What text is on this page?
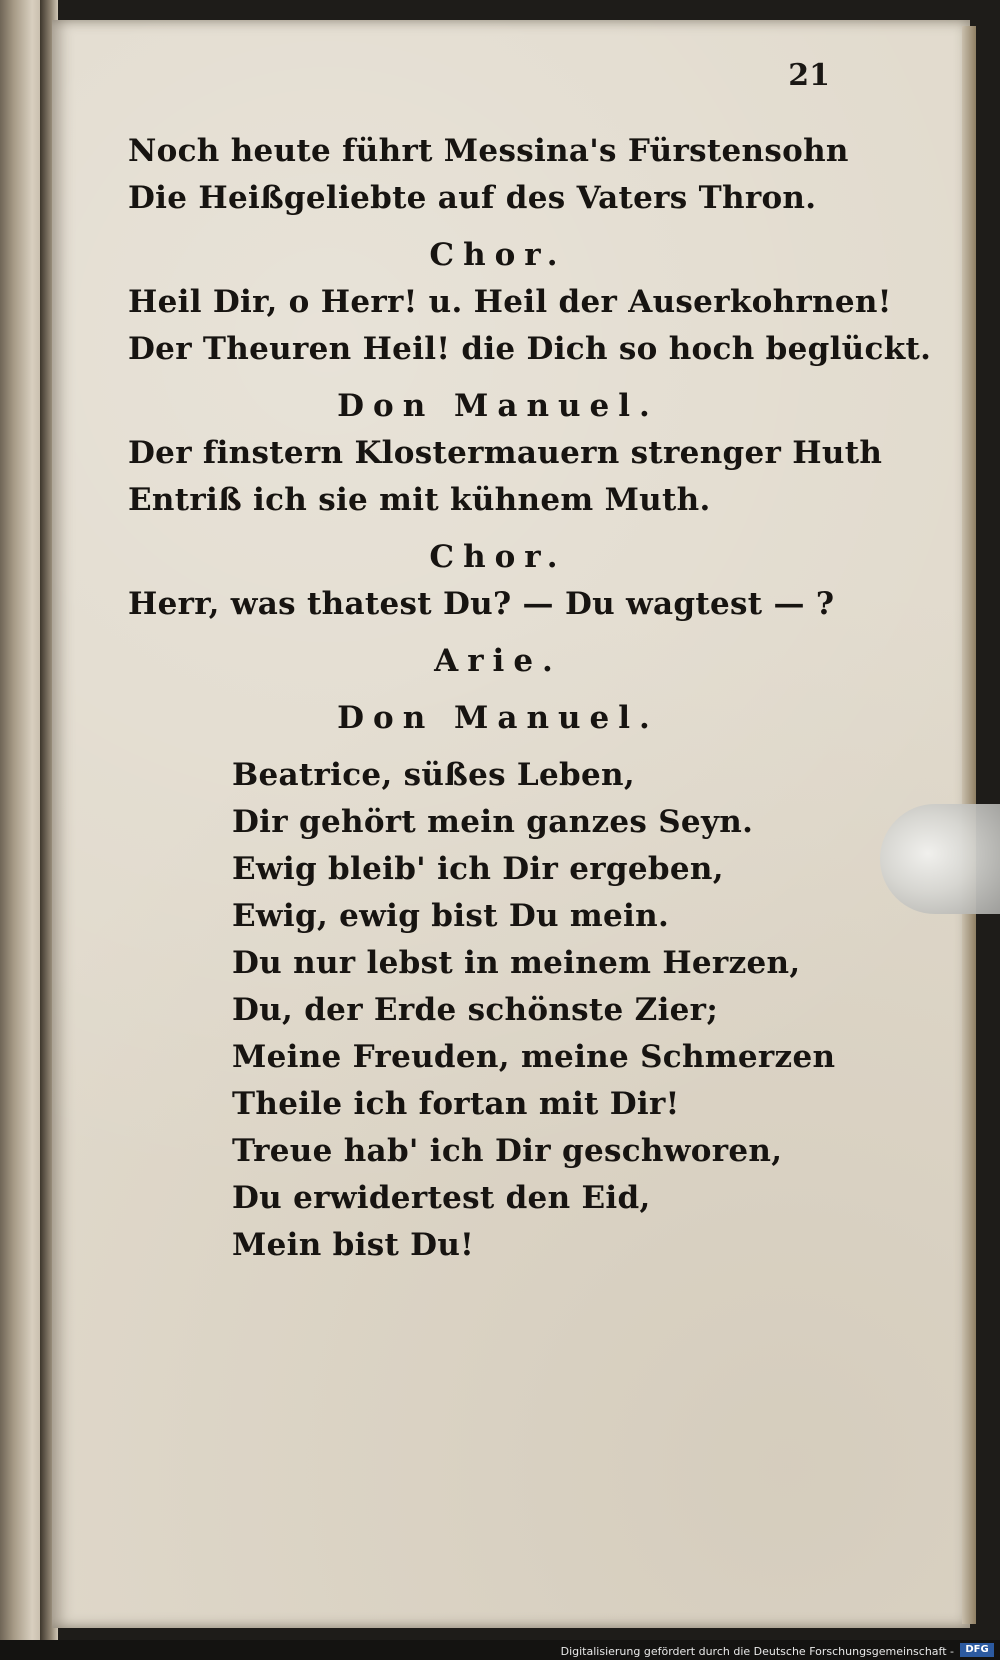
21

Noch heute führt Messina's Fürstensohn

Die Heißgeliebte auf des Vaters Thron.

Chor.

Heil Dir, o Herr! u. Heil der Auserkohrnen!

Der Theuren Heil! die Dich so hoch beglückt.

Don Manuel.

Der finstern Klostermauern strenger Huth

Entriß ich sie mit kühnem Muth.

Chor.

Herr, was thatest Du? — Du wagtest — ?

Arie.

Don Manuel.

Beatrice, süßes Leben,

Dir gehört mein ganzes Seyn.

Ewig bleib' ich Dir ergeben,

Ewig, ewig bist Du mein.

Du nur lebst in meinem Herzen,

Du, der Erde schönste Zier;

Meine Freuden, meine Schmerzen

Theile ich fortan mit Dir!

Treue hab' ich Dir geschworen,

Du erwidertest den Eid,

Mein bist Du!

Digitalisierung gefördert durch die Deutsche Forschungsgemeinschaft -	DFG
